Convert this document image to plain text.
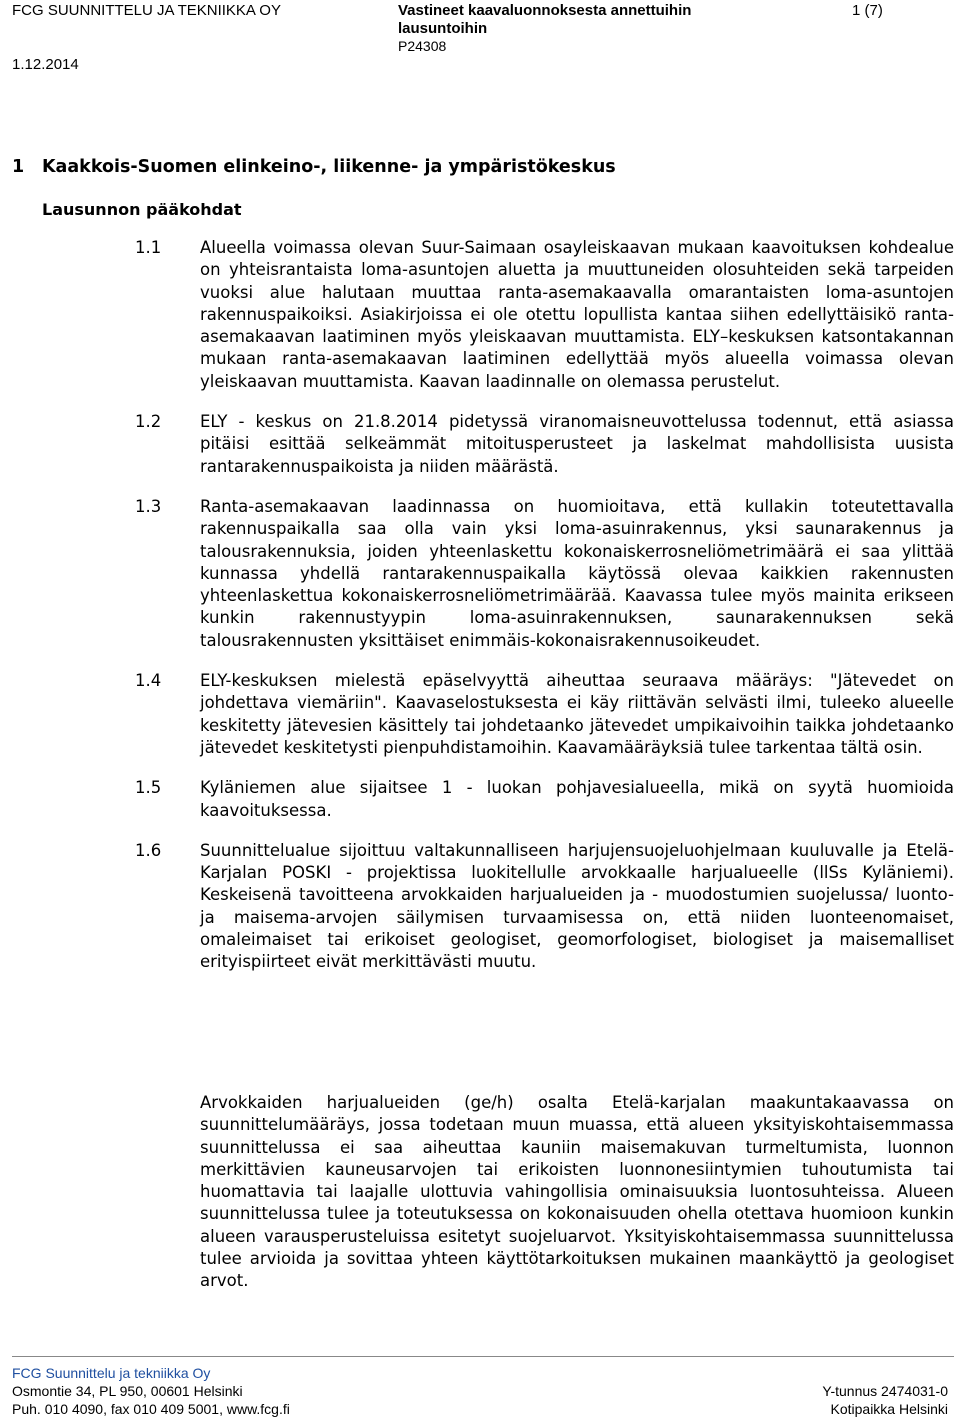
FCG SUUNNITTELU JA TEKNIIKKA OY
1.12.2014
Vastineet kaavaluonnoksesta annettuihin lausuntoihin
P24308
1 (7)
1 Kaakkois-Suomen elinkeino-, liikenne- ja ympäristökeskus
Lausunnon pääkohdat
1.1	Alueella voimassa olevan Suur-Saimaan osayleiskaavan mukaan kaavoituksen kohdealue on yhteisrantaista loma-asuntojen aluetta ja muuttuneiden olosuhteiden sekä tarpeiden vuoksi alue halutaan muuttaa ranta-asemakaavalla omarantaisten loma-asuntojen rakennuspaikoiksi. Asiakirjoissa ei ole otettu lopullista kantaa siihen edellyttäisikö ranta-asemakaavan laatiminen myös yleiskaavan muuttamista. ELY–keskuksen katsontakannan mukaan ranta-asemakaavan laatiminen edellyttää myös alueella voimassa olevan yleiskaavan muuttamista. Kaavan laadinnalle on olemassa perustelut.
1.2	ELY - keskus on 21.8.2014 pidetyssä viranomaisneuvottelussa todennut, että asiassa pitäisi esittää selkeämmät mitoitusperusteet ja laskelmat mahdollisista uusista rantarakennuspaikoista ja niiden määrästä.
1.3	Ranta-asemakaavan laadinnassa on huomioitava, että kullakin toteutettavalla rakennuspaikalla saa olla vain yksi loma-asuinrakennus, yksi saunarakennus ja talousrakennuksia, joiden yhteenlaskettu kokonaiskerrosneliömetrimäärä ei saa ylittää kunnassa yhdellä rantarakennuspaikalla käytössä olevaa kaikkien rakennusten yhteenlaskettua kokonaiskerrosneliömetrimäärää. Kaavassa tulee myös mainita erikseen kunkin rakennustyypin loma-asuinrakennuksen, saunarakennuksen sekä talousrakennusten yksittäiset enimmäis-kokonaisrakennusoikeudet.
1.4	ELY-keskuksen mielestä epäselvyyttä aiheuttaa seuraava määräys: "Jätevedet on johdettava viemäriin". Kaavaselostuksesta ei käy riittävän selvästi ilmi, tuleeko alueelle keskitetty jätevesien käsittely tai johdetaanko jätevedet umpikaivoihin taikka johdetaanko jätevedet keskitetysti pienpuhdistamoihin. Kaavamääräyksiä tulee tarkentaa tältä osin.
1.5	Kyläniemen alue sijaitsee 1 - luokan pohjavesialueella, mikä on syytä huomioida kaavoituksessa.
1.6	Suunnittelualue sijoittuu valtakunnalliseen harjujensuojeluohjelmaan kuuluvalle ja Etelä-Karjalan POSKI - projektissa luokitellulle arvokkaalle harjualueelle (llSs Kyläniemi). Keskeisenä tavoitteena arvokkaiden harjualueiden ja - muodostumien suojelussa/ luonto- ja maisema-arvojen säilymisen turvaamisessa on, että niiden luonteenomaiset, omaleimaiset tai erikoiset geologiset, geomorfologiset, biologiset ja maisemalliset erityispiirteet eivät merkittävästi muutu.
Arvokkaiden harjualueiden (ge/h) osalta Etelä-karjalan maakuntakaavassa on suunnittelumääräys, jossa todetaan muun muassa, että alueen yksityiskohtaisemmassa suunnittelussa ei saa aiheuttaa kauniin maisemakuvan turmeltumista, luonnon merkittävien kauneusarvojen tai erikoisten luonnonesiintymien tuhoutumista tai huomattavia tai laajalle ulottuvia vahingollisia ominaisuuksia luontosuhteissa. Alueen suunnittelussa tulee ja toteutuksessa on kokonaisuuden ohella otettava huomioon kunkin alueen varausperusteluissa esitetyt suojeluarvot. Yksityiskohtaisemmassa suunnittelussa tulee arvioida ja sovittaa yhteen käyttötarkoituksen mukainen maankäyttö ja geologiset arvot.
FCG Suunnittelu ja tekniikka Oy
Osmontie 34, PL 950, 00601 Helsinki	Y-tunnus 2474031-0
Puh. 010 4090, fax 010 409 5001, www.fcg.fi	Kotipaikka Helsinki
